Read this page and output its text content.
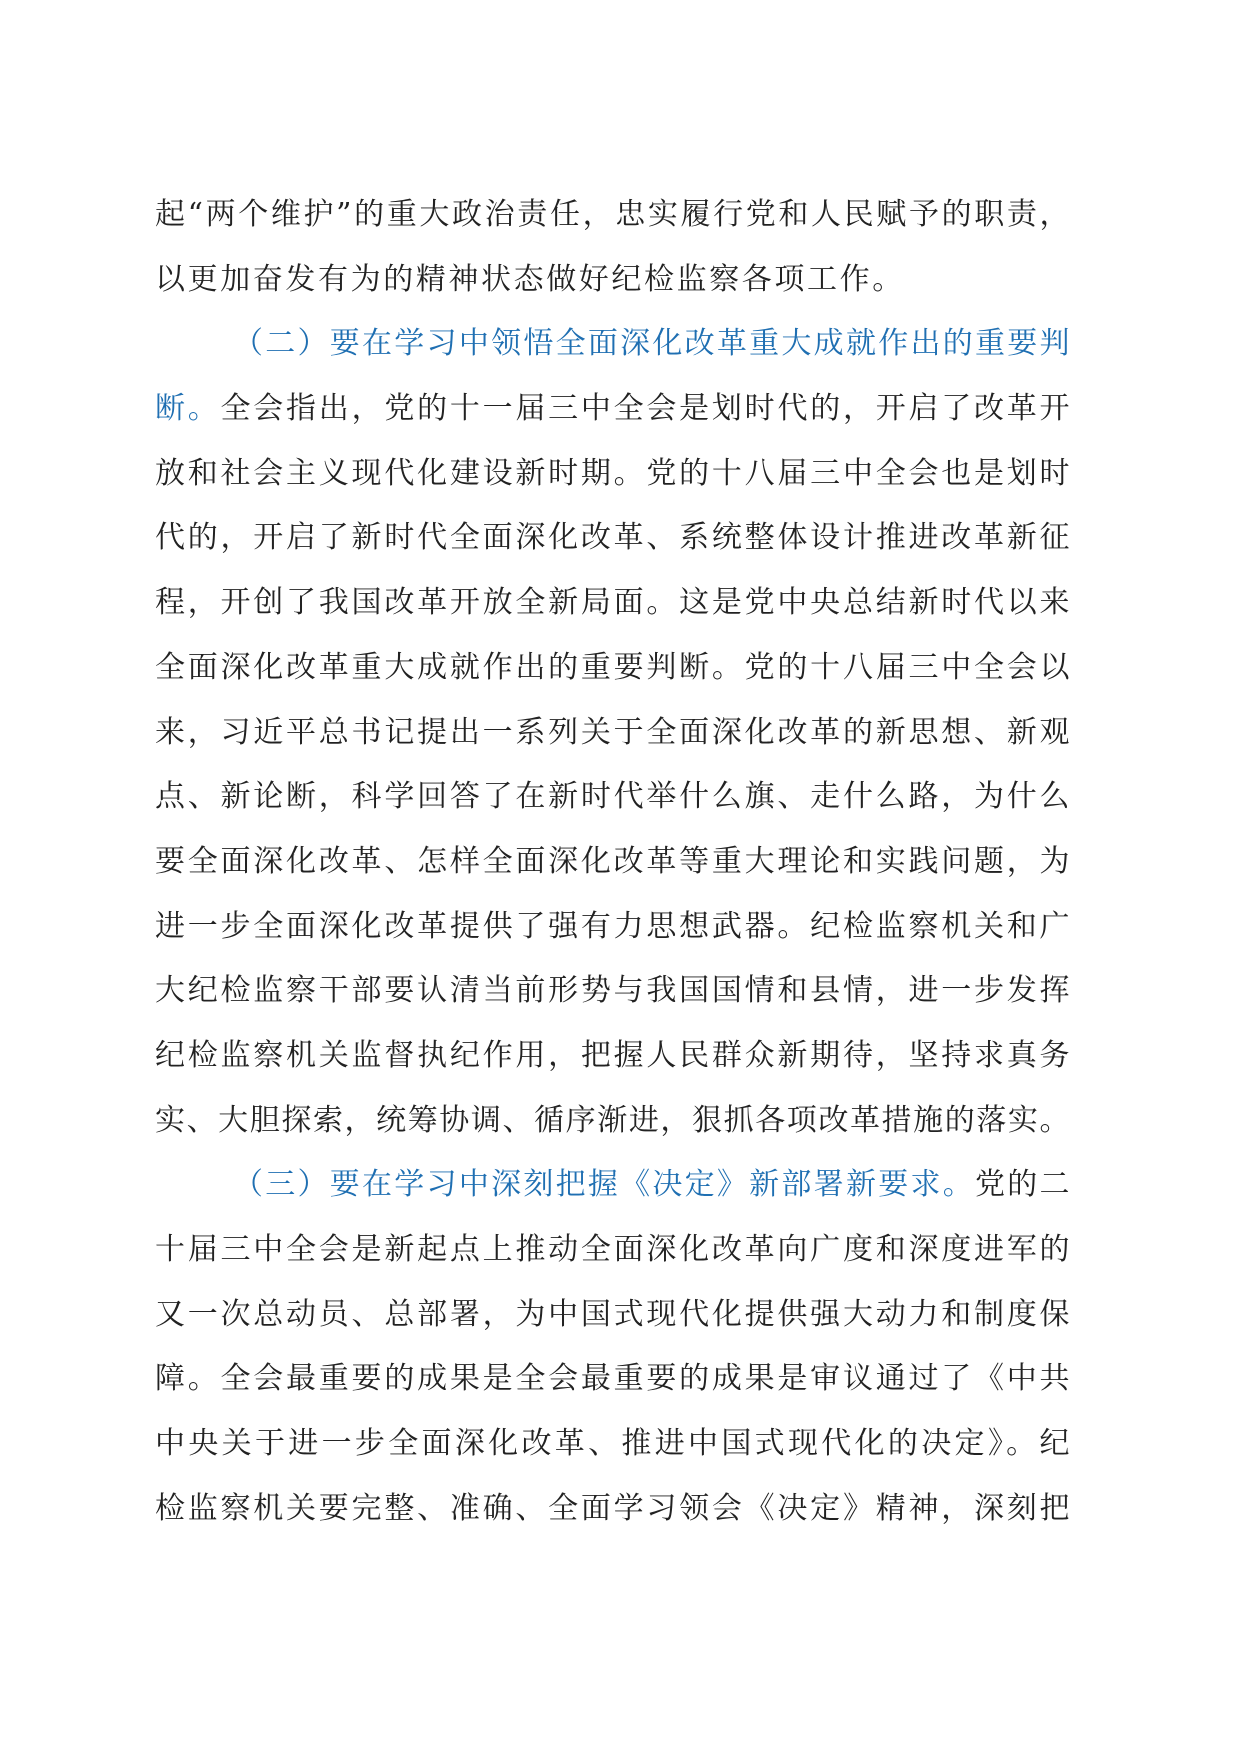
起“两个维护”的重大政治责任，忠实履行党和人民赋予的职责，
以更加奋发有为的精神状态做好纪检监察各项工作。
（二）要在学习中领悟全面深化改革重大成就作出的重要判
断。全会指出，党的十一届三中全会是划时代的，开启了改革开
放和社会主义现代化建设新时期。党的十八届三中全会也是划时
代的，开启了新时代全面深化改革、系统整体设计推进改革新征
程，开创了我国改革开放全新局面。这是党中央总结新时代以来
全面深化改革重大成就作出的重要判断。党的十八届三中全会以
来，习近平总书记提出一系列关于全面深化改革的新思想、新观
点、新论断，科学回答了在新时代举什么旗、走什么路，为什么
要全面深化改革、怎样全面深化改革等重大理论和实践问题，为
进一步全面深化改革提供了强有力思想武器。纪检监察机关和广
大纪检监察干部要认清当前形势与我国国情和县情，进一步发挥
纪检监察机关监督执纪作用，把握人民群众新期待，坚持求真务
实、大胆探索，统筹协调、循序渐进，狠抓各项改革措施的落实。
（三）要在学习中深刻把握《决定》新部署新要求。党的二
十届三中全会是新起点上推动全面深化改革向广度和深度进军的
又一次总动员、总部署，为中国式现代化提供强大动力和制度保
障。全会最重要的成果是全会最重要的成果是审议通过了《中共
中央关于进一步全面深化改革、推进中国式现代化的决定》。纪
检监察机关要完整、准确、全面学习领会《决定》精神，深刻把
